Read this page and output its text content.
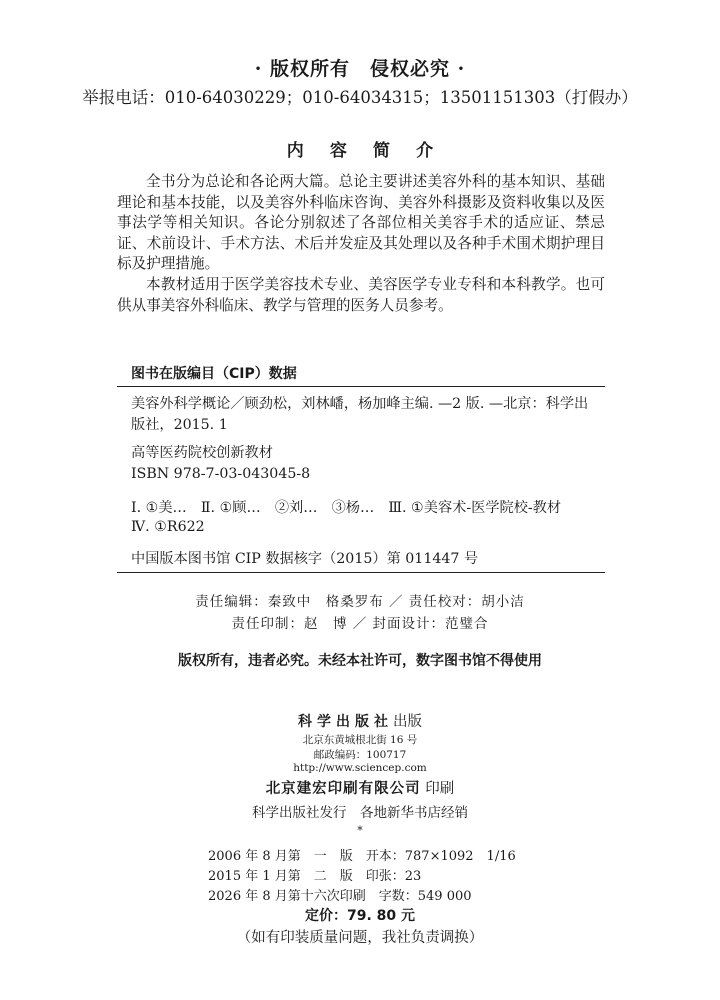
· 版权所有　侵权必究 ·
举报电话：010-64030229；010-64034315；13501151303（打假办）
内 容 简 介
全书分为总论和各论两大篇。总论主要讲述美容外科的基本知识、基础理论和基本技能，以及美容外科临床咨询、美容外科摄影及资料收集以及医事法学等相关知识。各论分别叙述了各部位相关美容手术的适应证、禁忌证、术前设计、手术方法、术后并发症及其处理以及各种手术围术期护理目标及护理措施。
本教材适用于医学美容技术专业、美容医学专业专科和本科教学。也可供从事美容外科临床、教学与管理的医务人员参考。
图书在版编目（CIP）数据
美容外科学概论／顾劲松，刘林嶓，杨加峰主编. —2 版. —北京：科学出版社，2015. 1
高等医药院校创新教材
ISBN 978-7-03-043045-8
Ⅰ. ①美…　Ⅱ. ①顾…　②刘…　③杨…　Ⅲ. ①美容术-医学院校-教材
Ⅳ. ①R622
中国版本图书馆 CIP 数据核字（2015）第 011447 号
责任编辑：秦致中　格桑罗布 ／ 责任校对：胡小洁
责任印制：赵　博 ／ 封面设计：范璧合
版权所有，违者必究。未经本社许可，数字图书馆不得使用
科学出版社出版
北京东黄城根北街 16 号
邮政编码：100717
http://www.sciencep.com
北京建宏印刷有限公司 印刷
科学出版社发行　各地新华书店经销
*
2006 年 8 月第　一　版　开本：787×1092　1/16
2015 年 1 月第　二　版　印张：23
2026 年 8 月第十六次印刷　字数：549 000
定价：79. 80 元
（如有印装质量问题，我社负责调换）
